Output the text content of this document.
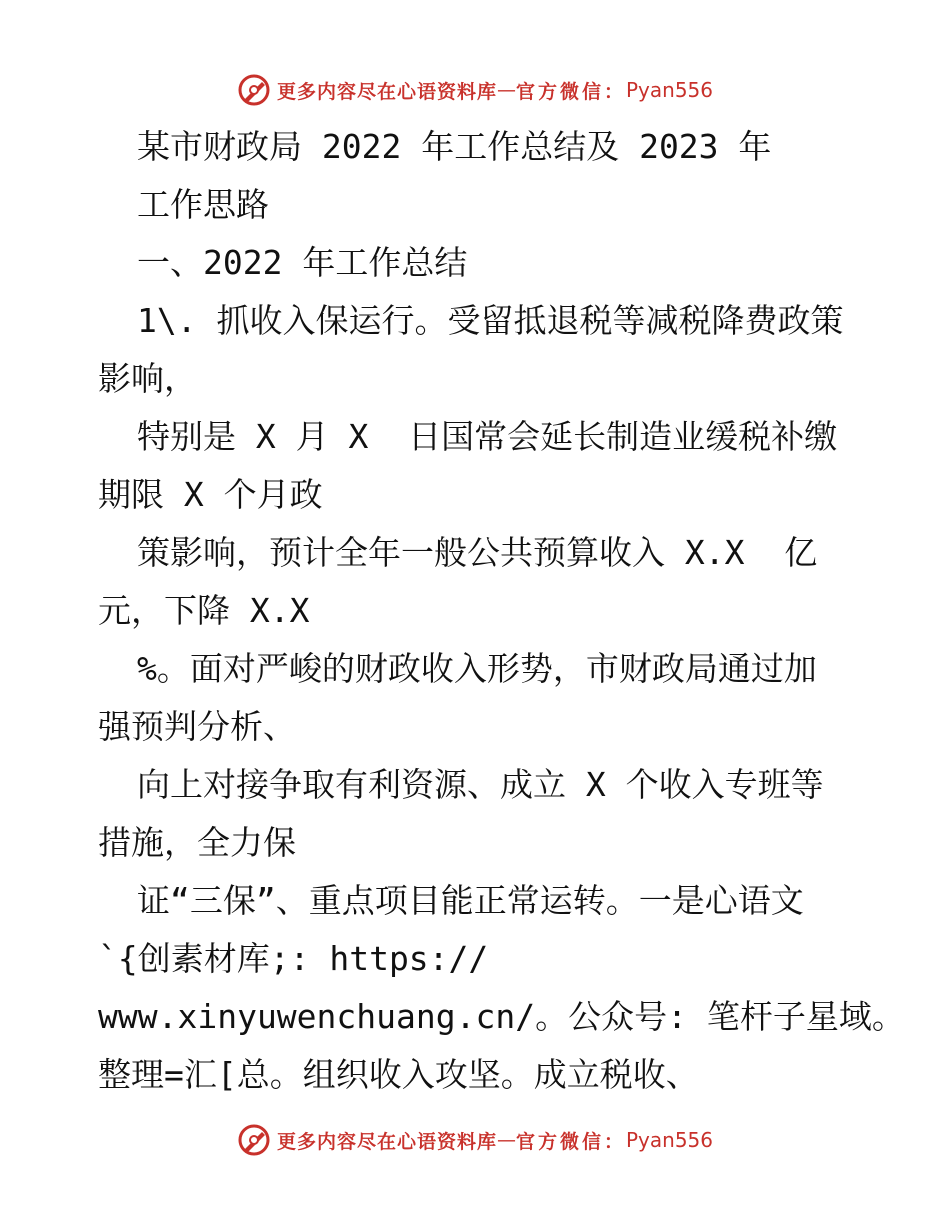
更多内容尽在心语资料库 — 官方微信： Pyan556
某市财政局 2022 年工作总结及 2023 年
工作思路
一、2022 年工作总结
1\. 抓收入保运行。受留抵退税等减税降费政策
影响，
特别是 X 月 X  日国常会延长制造业缓税补缴
期限 X 个月政
策影响，预计全年一般公共预算收入 X.X  亿
元，下降 X.X
%。面对严峻的财政收入形势，市财政局通过加
强预判分析、
向上对接争取有利资源、成立 X 个收入专班等
措施，全力保
证“三保”、重点项目能正常运转。一是心语文
`{创素材库;: https://
www.xinyuwenchuang.cn/。公众号: 笔杆子星域。
整理=汇[总。组织收入攻坚。成立税收、
更多内容尽在心语资料库 — 官方微信： Pyan556
